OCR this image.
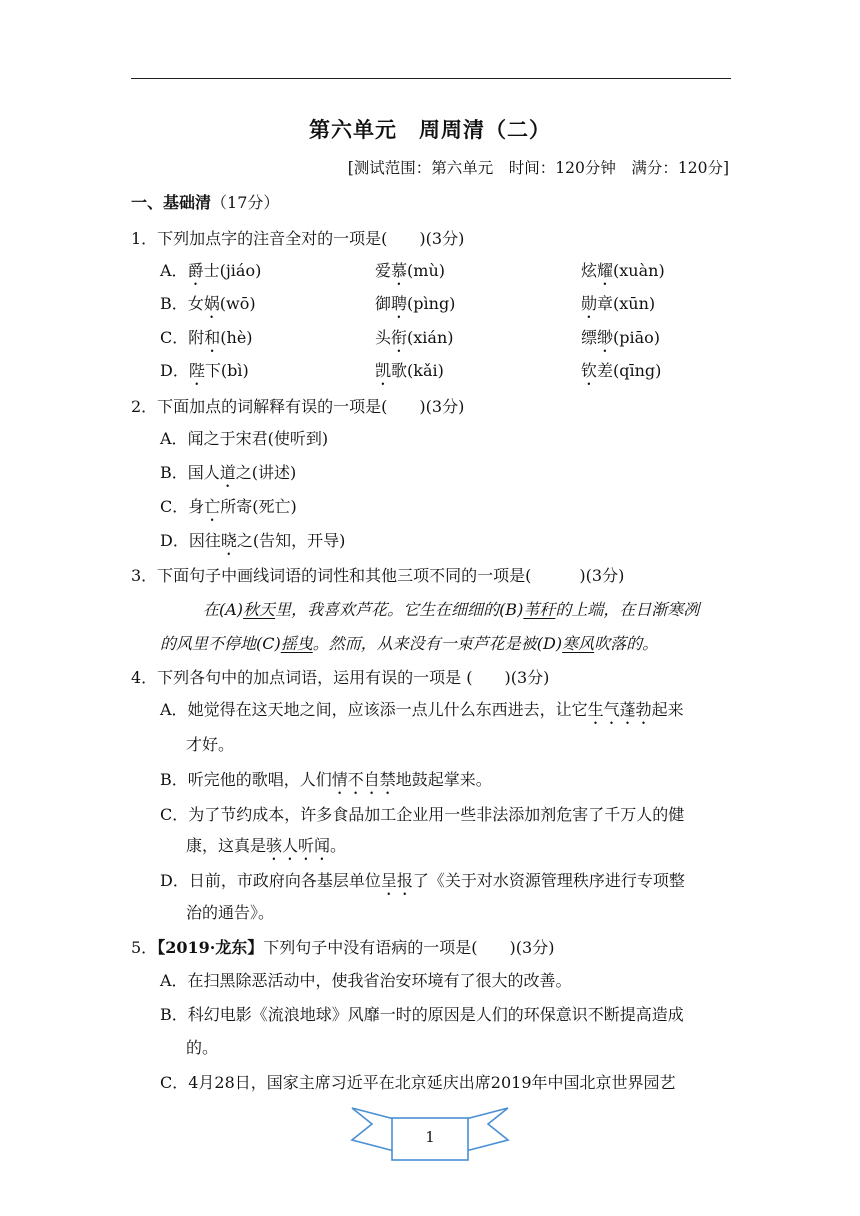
第六单元　周周清（二）
[测试范围：第六单元　时间：120分钟　满分：120分]
一、基础清（17分）
1．下列加点字的注音全对的一项是(　　)(3分)
A．爵士(jiáo)	爱慕(mù)	炫耀(xuàn)
B．女娲(wō)	御聘(pìng)	勋章(xūn)
C．附和(hè)	头衔(xián)	缥缈(piāo)
D．陛下(bì)	凯歌(kǎi)	钦差(qīng)
2．下面加点的词解释有误的一项是(　　)(3分)
A．闻之于宋君(使听到)
B．国人道之(讲述)
C．身亡所寄(死亡)
D．因往晓之(告知，开导)
3．下面句子中画线词语的词性和其他三项不同的一项是(　　　)(3分)
在(A)秋天里，我喜欢芦花。它生在细细的(B)苇秆的上端，在日渐寒冽
的风里不停地(C)摇曳。然而，从来没有一束芦花是被(D)寒风吹落的。
4．下列各句中的加点词语，运用有误的一项是 (　　)(3分)
A．她觉得在这天地之间，应该添一点儿什么东西进去，让它生气蓬勃起来
才好。
B．听完他的歌唱，人们情不自禁地鼓起掌来。
C．为了节约成本，许多食品加工企业用一些非法添加剂危害了千万人的健
康，这真是骇人听闻。
D．日前，市政府向各基层单位呈报了《关于对水资源管理秩序进行专项整
治的通告》。
5．【2019·龙东】下列句子中没有语病的一项是(　　)(3分)
A．在扫黑除恶活动中，使我省治安环境有了很大的改善。
B．科幻电影《流浪地球》风靡一时的原因是人们的环保意识不断提高造成
的。
C．4月28日，国家主席习近平在北京延庆出席2019年中国北京世界园艺
1
